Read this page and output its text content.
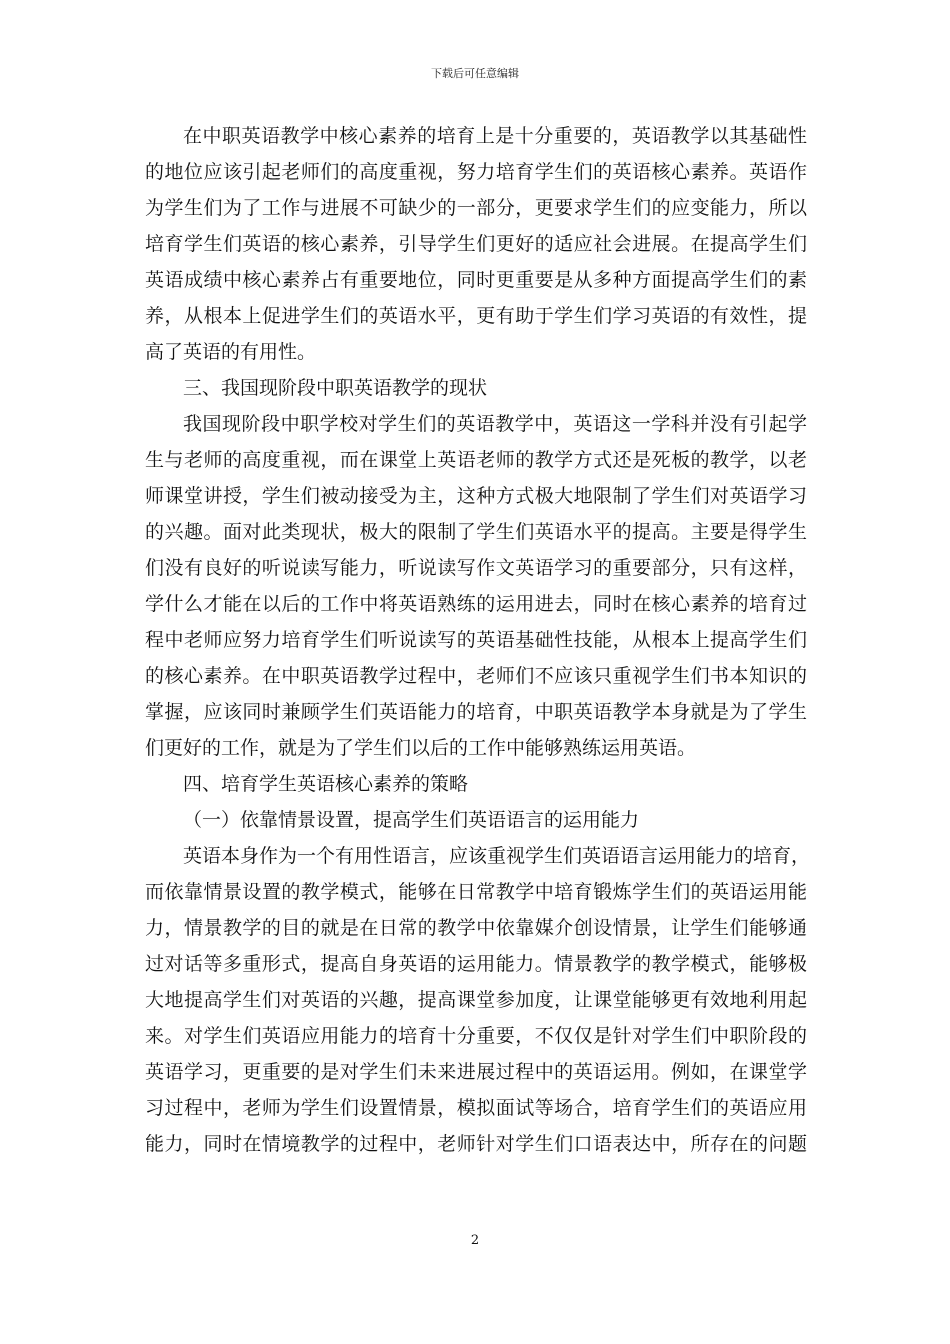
下载后可任意编辑
在中职英语教学中核心素养的培育上是十分重要的，英语教学以其基础性
的地位应该引起老师们的高度重视，努力培育学生们的英语核心素养。英语作
为学生们为了工作与进展不可缺少的一部分，更要求学生们的应变能力，所以
培育学生们英语的核心素养，引导学生们更好的适应社会进展。在提高学生们
英语成绩中核心素养占有重要地位，同时更重要是从多种方面提高学生们的素
养，从根本上促进学生们的英语水平，更有助于学生们学习英语的有效性，提
高了英语的有用性。
三、我国现阶段中职英语教学的现状
我国现阶段中职学校对学生们的英语教学中，英语这一学科并没有引起学
生与老师的高度重视，而在课堂上英语老师的教学方式还是死板的教学，以老
师课堂讲授，学生们被动接受为主，这种方式极大地限制了学生们对英语学习
的兴趣。面对此类现状，极大的限制了学生们英语水平的提高。主要是得学生
们没有良好的听说读写能力，听说读写作文英语学习的重要部分，只有这样，
学什么才能在以后的工作中将英语熟练的运用进去，同时在核心素养的培育过
程中老师应努力培育学生们听说读写的英语基础性技能，从根本上提高学生们
的核心素养。在中职英语教学过程中，老师们不应该只重视学生们书本知识的
掌握，应该同时兼顾学生们英语能力的培育，中职英语教学本身就是为了学生
们更好的工作，就是为了学生们以后的工作中能够熟练运用英语。
四、培育学生英语核心素养的策略
（一）依靠情景设置，提高学生们英语语言的运用能力
英语本身作为一个有用性语言，应该重视学生们英语语言运用能力的培育，
而依靠情景设置的教学模式，能够在日常教学中培育锻炼学生们的英语运用能
力，情景教学的目的就是在日常的教学中依靠媒介创设情景，让学生们能够通
过对话等多重形式，提高自身英语的运用能力。情景教学的教学模式，能够极
大地提高学生们对英语的兴趣，提高课堂参加度，让课堂能够更有效地利用起
来。对学生们英语应用能力的培育十分重要，不仅仅是针对学生们中职阶段的
英语学习，更重要的是对学生们未来进展过程中的英语运用。例如，在课堂学
习过程中，老师为学生们设置情景，模拟面试等场合，培育学生们的英语应用
能力，同时在情境教学的过程中，老师针对学生们口语表达中，所存在的问题
2
